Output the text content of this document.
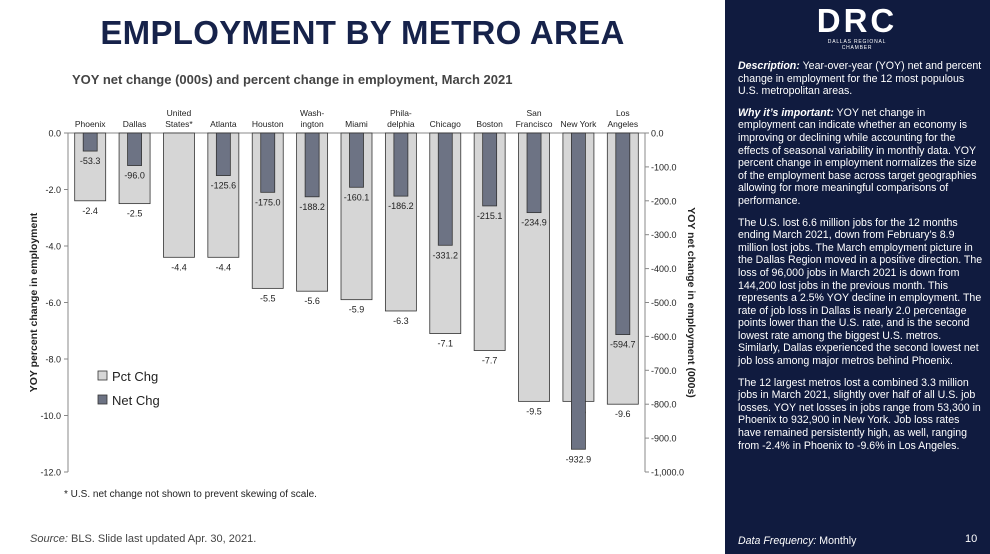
EMPLOYMENT BY METRO AREA
YOY net change (000s) and percent change in employment, March 2021
0.0
-2.0
-4.0
-6.0
-8.0
-10.0
-12.0
0.0
-100.0
-200.0
-300.0
-400.0
-500.0
-600.0
-700.0
-800.0
-900.0
-1,000.0
YOY percent change in employment	YOY net change in employment (000s)
Phoenix
-2.4
-53.3
Dallas
-2.5
-96.0
United
States*
-4.4
Atlanta
-4.4
-125.6
Houston
-5.5
-175.0
Wash-
ington
-5.6
-188.2
Miami
-5.9
-160.1
Phila-
delphia
-6.3
-186.2
Chicago
-7.1
-331.2
Boston
-7.7
-215.1
San
Francisco
-9.5
-234.9
New York
-932.9
Los
Angeles
-9.6
-594.7
Pct Chg
Net Chg
* U.S. net change not shown to prevent skewing of scale.
Source: BLS. Slide last updated Apr. 30, 2021.
DRC
DALLAS REGIONAL CHAMBER

Description: Year-over-year (YOY) net and percent change in employment for the 12 most populous U.S. metropolitan areas.

Why it’s important: YOY net change in employment can indicate whether an economy is improving or declining while accounting for the effects of seasonal variability in monthly data. YOY percent change in employment normalizes the size of the employment base across target geographies allowing for more meaningful comparisons of performance.

The U.S. lost 6.6 million jobs for the 12 months ending March 2021, down from February’s 8.9 million lost jobs. The March employment picture in the Dallas Region moved in a positive direction. The loss of 96,000 jobs in March 2021 is down from 144,200 lost jobs in the previous month. This represents a 2.5% YOY decline in employment. The rate of job loss in Dallas is nearly 2.0 percentage points lower than the U.S. rate, and is the second lowest rate among the biggest U.S. metros. Similarly, Dallas experienced the second lowest net job loss among major metros behind Phoenix.

The 12 largest metros lost a combined 3.3 million jobs in March 2021, slightly over half of all U.S. job losses. YOY net losses in jobs range from 53,300 in Phoenix to 932,900 in New York. Job loss rates have remained persistently high, as well, ranging from -2.4% in Phoenix to -9.6% in Los Angeles.

Data Frequency: Monthly	10
